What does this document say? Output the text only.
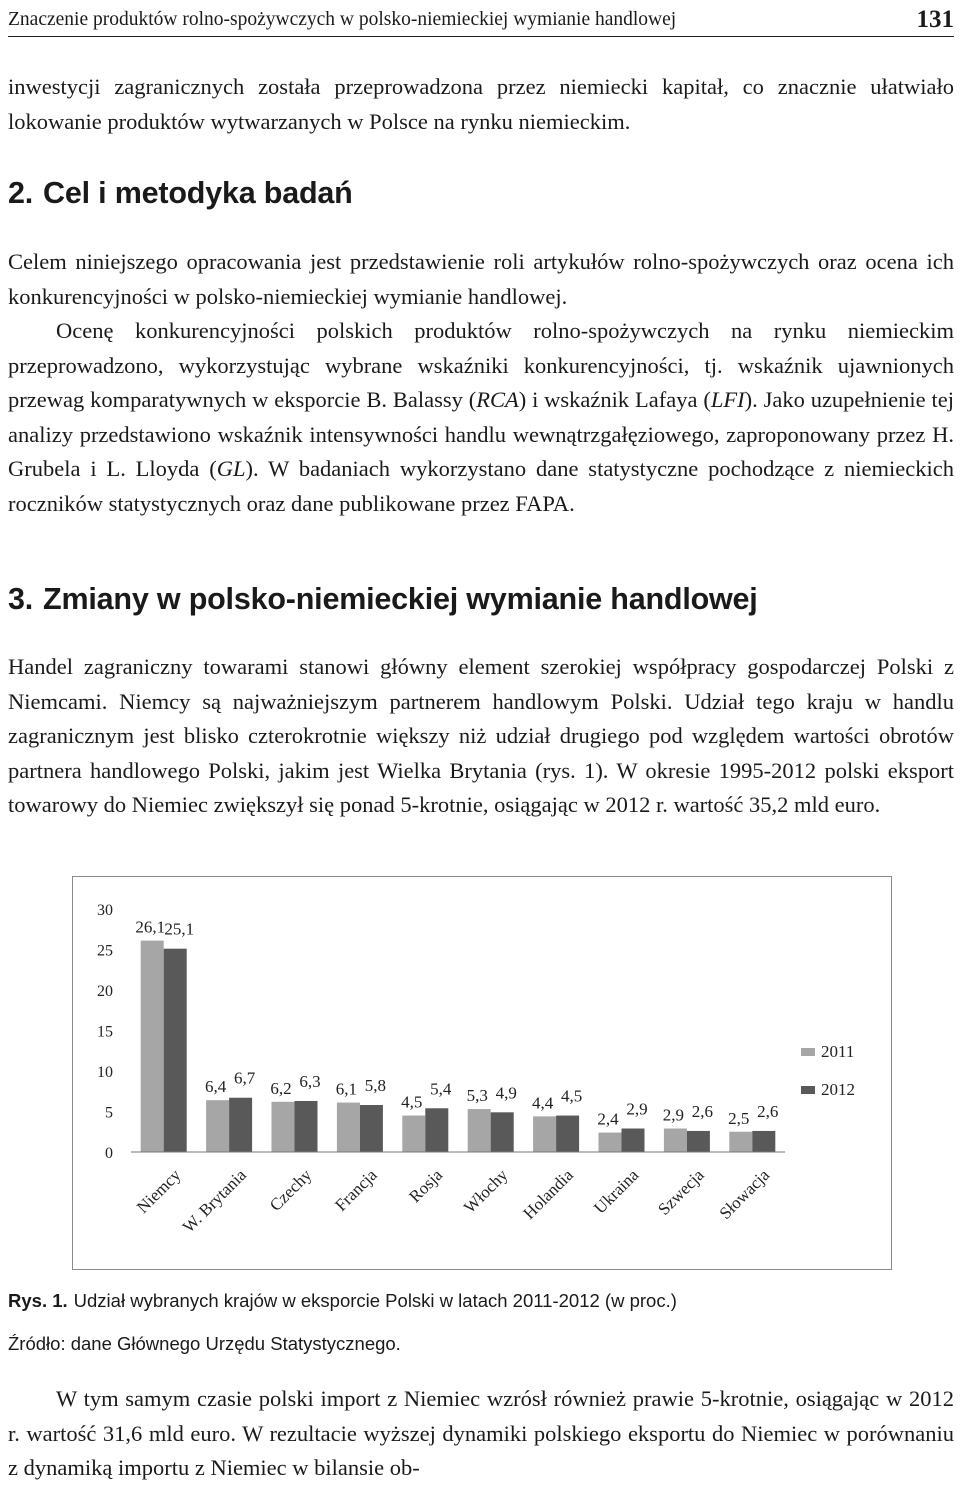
Znaczenie produktów rolno-spożywczych w polsko-niemieckiej wymianie handlowej	131

inwestycji zagranicznych została przeprowadzona przez niemiecki kapitał, co znacznie ułatwiało lokowanie produktów wytwarzanych w Polsce na rynku niemieckim.

2. Cel i metodyka badań

Celem niniejszego opracowania jest przedstawienie roli artykułów rolno-spożywczych oraz ocena ich konkurencyjności w polsko-niemieckiej wymianie handlowej.

Ocenę konkurencyjności polskich produktów rolno-spożywczych na rynku niemieckim przeprowadzono, wykorzystując wybrane wskaźniki konkurencyjności, tj. wskaźnik ujawnionych przewag komparatywnych w eksporcie B. Balassy (RCA) i wskaźnik Lafaya (LFI). Jako uzupełnienie tej analizy przedstawiono wskaźnik intensywności handlu wewnątrzgałęziowego, zaproponowany przez H. Grubela i L. Lloyda (GL). W badaniach wykorzystano dane statystyczne pochodzące z niemieckich roczników statystycznych oraz dane publikowane przez FAPA.

3. Zmiany w polsko-niemieckiej wymianie handlowej

Handel zagraniczny towarami stanowi główny element szerokiej współpracy gospodarczej Polski z Niemcami. Niemcy są najważniejszym partnerem handlowym Polski. Udział tego kraju w handlu zagranicznym jest blisko czterokrotnie większy niż udział drugiego pod względem wartości obrotów partnera handlowego Polski, jakim jest Wielka Brytania (rys. 1). W okresie 1995-2012 polski eksport towarowy do Niemiec zwiększył się ponad 5-krotnie, osiągając w 2012 r. wartość 35,2 mld euro.

0
5
10
15
20
25
30
26,1 25,1
Niemcy
6,4 6,7
W. Brytania
6,2 6,3
Czechy
6,1 5,8
Francja
4,5
5,4
Rosja
5,3 4,9
Włochy
4,4 4,5
Holandia
2,4
2,9
Ukraina
2,9 2,6
Szwecja
2,5 2,6
Słowacja
2011
2012
Rys. 1. Udział wybranych krajów w eksporcie Polski w latach 2011-2012 (w proc.)
Źródło: dane Głównego Urzędu Statystycznego.

W tym samym czasie polski import z Niemiec wzrósł również prawie 5-krotnie, osiągając w 2012 r. wartość 31,6 mld euro. W rezultacie wyższej dynamiki polskiego eksportu do Niemiec w porównaniu z dynamiką importu z Niemiec w bilansie ob-
